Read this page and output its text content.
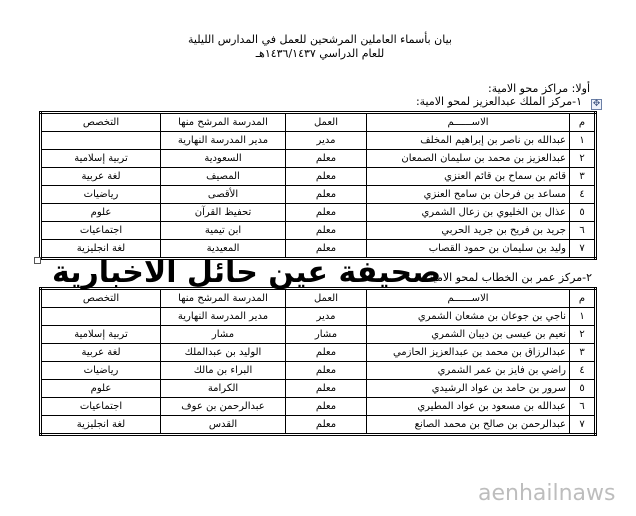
بيان بأسماء العاملين المرشحين للعمل في المدارس الليلية
للعام الدراسي ١٤٣٦/١٤٣٧هـ
أولا: مراكز محو الامية:
١-مركز الملك عبدالعزيز لمحو الامية: ✥
م	الاســــــم	العمل	المدرسة المرشح منها	التخصص
١	عبدالله بن ناصر بن إبراهيم المخلف	مدير	مدير المدرسة النهارية	
٢	عبدالعزيز بن محمد بن سليمان الصمعان	معلم	السعودية	تربية إسلامية
٣	قائم بن سماح بن قائم العنزي	معلم	المصيف	لغة عربية
٤	مساعد بن فرحان بن سامح العنزي	معلم	الأقصى	رياضيات
٥	عذال بن الخليوي بن زعال الشمري	معلم	تحفيظ القرآن	علوم
٦	جريد بن فريح بن جريد الحربي	معلم	ابن تيمية	اجتماعيات
٧	وليد بن سليمان بن حمود القصاب	معلم	المعيدية	لغة انجليزية
صحيفة عين حائل الاخبارية
٢-مركز عمر بن الخطاب لمحو الامية:
م	الاســــــم	العمل	المدرسة المرشح منها	التخصص
١	ناجي بن جوعان بن مشعان الشمري	مدير	مدير المدرسة النهارية	
٢	نعيم بن عيسى بن ديبان الشمري	مشار	مشار	تربية إسلامية
٣	عبدالرزاق بن محمد بن عبدالعزيز الحازمي	معلم	الوليد بن عبدالملك	لغة عربية
٤	راضي بن فايز بن عمر الشمري	معلم	البراء بن مالك	رياضيات
٥	سرور بن حامد بن عواد الرشيدي	معلم	الكرامة	علوم
٦	عبدالله بن مسعود بن عواد المطيري	معلم	عبدالرحمن بن عوف	اجتماعيات
٧	عبدالرحمن بن صالح بن محمد الصانع	معلم	القدس	لغة انجليزية
aenhailnaws
